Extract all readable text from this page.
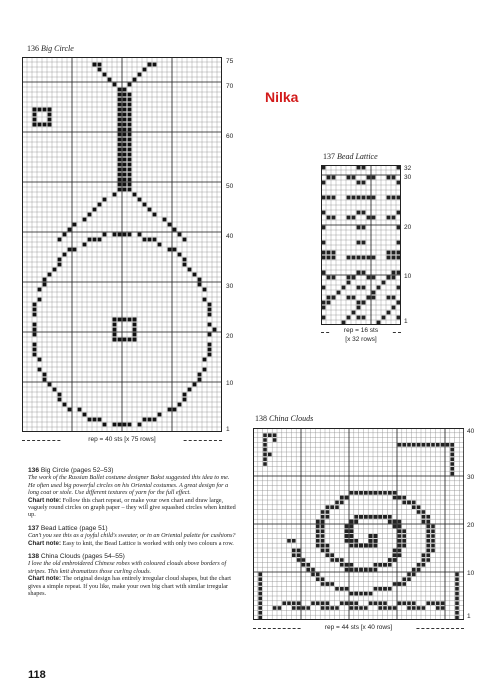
136 Big Circle
75
70
60
50
40
30
20
10
1
rep = 40 sts [x 75 rows]
Nilka
137 Bead Lattice
32
30
20
10
1
rep = 16 sts
[x 32 rows]
138 China Clouds
40
30
20
10
1
rep = 44 sts [x 40 rows]
136 Big Circle (pages 52–53)
The work of the Russian Ballet costume designer Bakst suggested this idea to me. He often used big powerful circles on his Oriental costumes. A great design for a long coat or stole. Use different textures of yarn for the full effect.
Chart note: Follow this chart repeat, or make your own chart and draw large, vaguely round circles on graph paper – they will give squashed circles when knitted up.
137 Bead Lattice (page 51)
Can't you see this as a joyful child's sweater, or in an Oriental palette for cushions?
Chart note: Easy to knit, the Bead Lattice is worked with only two colours a row.
138 China Clouds (pages 54–55)
I love the old embroidered Chinese robes with coloured clouds above borders of stripes. This knit dramatizes those curling clouds.
Chart note: The original design has entirely irregular cloud shapes, but the chart gives a simple repeat. If you like, make your own big chart with similar irregular shapes.
118
